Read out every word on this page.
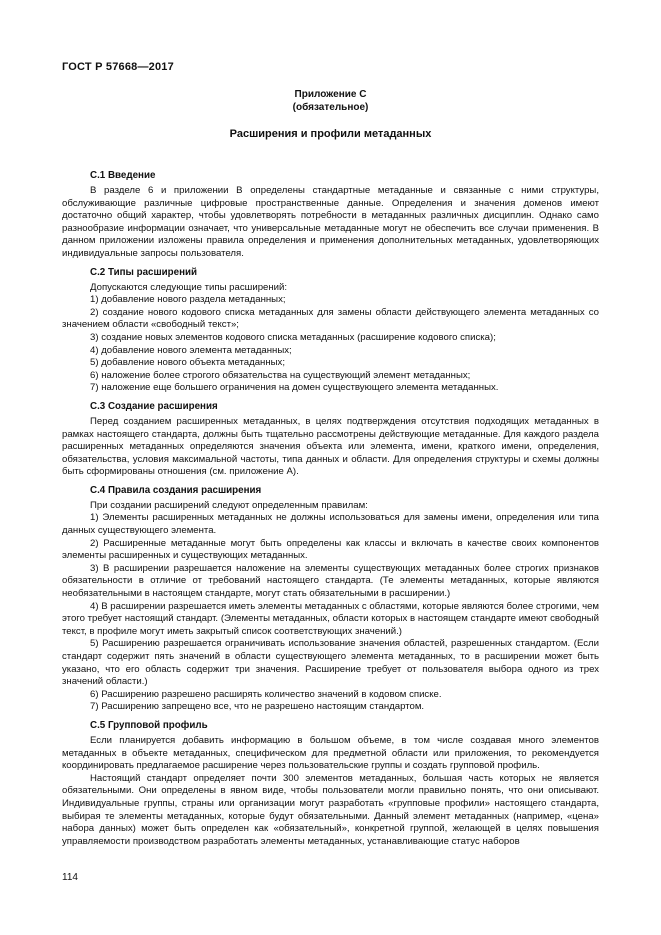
ГОСТ Р 57668—2017
Приложение С
(обязательное)
Расширения и профили метаданных
С.1 Введение

В разделе 6 и приложении В определены стандартные метаданные и связанные с ними структуры, обслуживающие различные цифровые пространственные данные. Определения и значения доменов имеют достаточно общий характер, чтобы удовлетворять потребности в метаданных различных дисциплин. Однако само разнообразие информации означает, что универсальные метаданные могут не обеспечить все случаи применения. В данном приложении изложены правила определения и применения дополнительных метаданных, удовлетворяющих индивидуальные запросы пользователя.

С.2 Типы расширений

Допускаются следующие типы расширений:

1) добавление нового раздела метаданных;

2) создание нового кодового списка метаданных для замены области действующего элемента метаданных со значением области «свободный текст»;

3) создание новых элементов кодового списка метаданных (расширение кодового списка);

4) добавление нового элемента метаданных;

5) добавление нового объекта метаданных;

6) наложение более строгого обязательства на существующий элемент метаданных;

7) наложение еще большего ограничения на домен существующего элемента метаданных.

С.3 Создание расширения

Перед созданием расширенных метаданных, в целях подтверждения отсутствия подходящих метаданных в рамках настоящего стандарта, должны быть тщательно рассмотрены действующие метаданные. Для каждого раздела расширенных метаданных определяются значения объекта или элемента, имени, краткого имени, определения, обязательства, условия максимальной частоты, типа данных и области. Для определения структуры и схемы должны быть сформированы отношения (см. приложение А).

С.4 Правила создания расширения

При создании расширений следуют определенным правилам:

1) Элементы расширенных метаданных не должны использоваться для замены имени, определения или типа данных существующего элемента.

2) Расширенные метаданные могут быть определены как классы и включать в качестве своих компонентов элементы расширенных и существующих метаданных.

3) В расширении разрешается наложение на элементы существующих метаданных более строгих признаков обязательности в отличие от требований настоящего стандарта. (Те элементы метаданных, которые являются необязательными в настоящем стандарте, могут стать обязательными в расширении.)

4) В расширении разрешается иметь элементы метаданных с областями, которые являются более строгими, чем этого требует настоящий стандарт. (Элементы метаданных, области которых в настоящем стандарте имеют свободный текст, в профиле могут иметь закрытый список соответствующих значений.)

5) Расширению разрешается ограничивать использование значения областей, разрешенных стандартом. (Если стандарт содержит пять значений в области существующего элемента метаданных, то в расширении может быть указано, что его область содержит три значения. Расширение требует от пользователя выбора одного из трех значений области.)

6) Расширению разрешено расширять количество значений в кодовом списке.

7) Расширению запрещено все, что не разрешено настоящим стандартом.

С.5 Групповой профиль

Если планируется добавить информацию в большом объеме, в том числе создавая много элементов метаданных в объекте метаданных, специфическом для предметной области или приложения, то рекомендуется координировать предлагаемое расширение через пользовательские группы и создать групповой профиль.

Настоящий стандарт определяет почти 300 элементов метаданных, большая часть которых не является обязательными. Они определены в явном виде, чтобы пользователи могли правильно понять, что они описывают. Индивидуальные группы, страны или организации могут разработать «групповые профили» настоящего стандарта, выбирая те элементы метаданных, которые будут обязательными. Данный элемент метаданных (например, «цена» набора данных) может быть определен как «обязательный», конкретной группой, желающей в целях повышения управляемости производством разработать элементы метаданных, устанавливающие статус наборов

114
